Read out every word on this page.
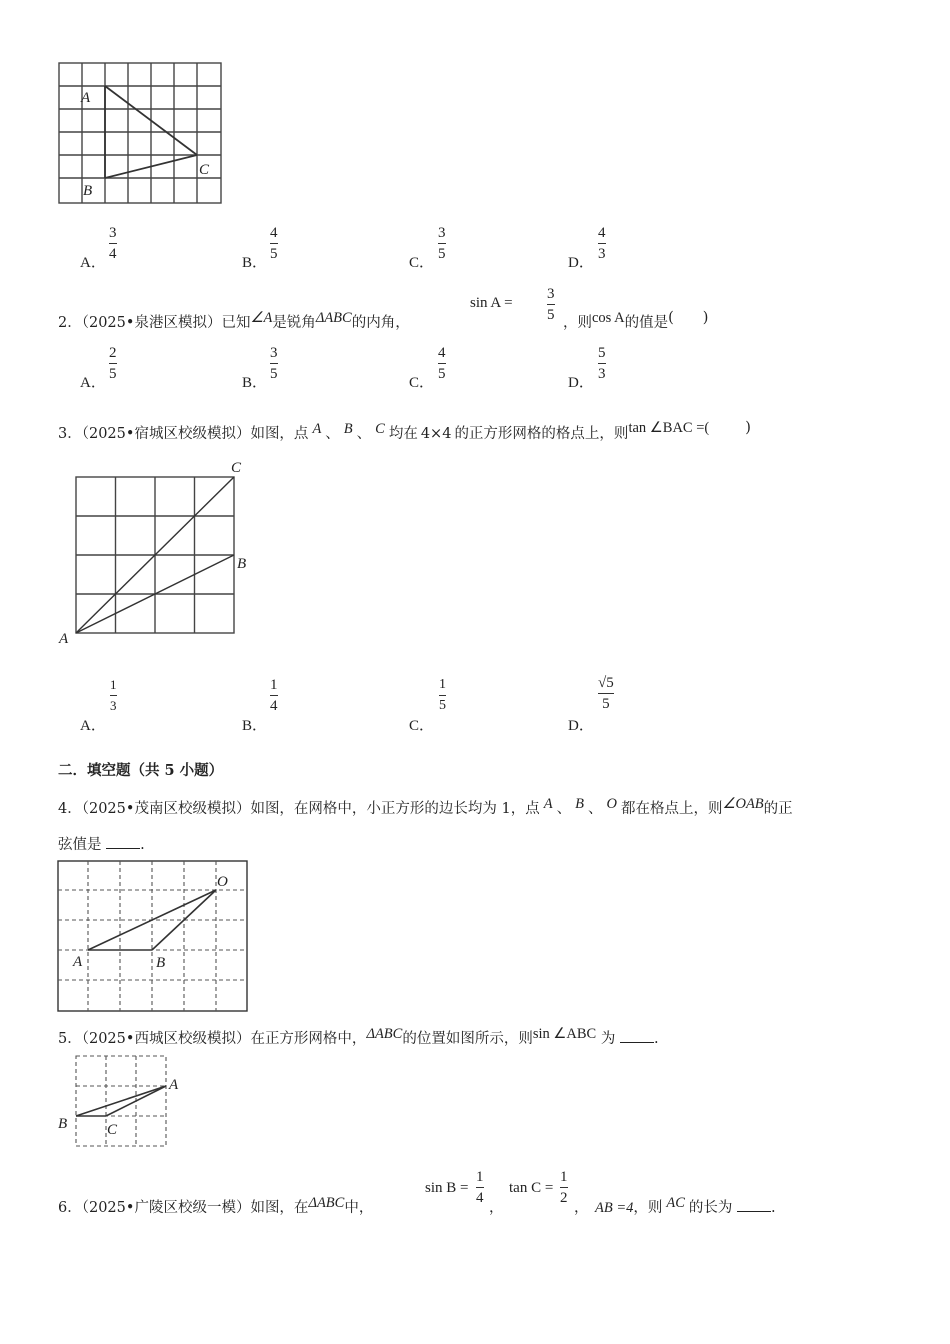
A
B
C
A．
3
4
B．
4
5
C．
3
5
D．
4
3
2．（2025•泉港区模拟）已知∠A是锐角ΔABC的内角，
sin A =
3
5 ，则cos A的值是(　　)
A．
2
5
B．
3
5
C．
4
5
D．
5
3
3．（2025•宿城区校级模拟）如图，点 A 、 B 、 C 均在 4×4 的正方形网格的格点上，则tan ∠BAC =( )
A
B
C
A．
1
3
B．
1
4
C．
1
5
D．
√5
5
二．填空题（共 5 小题）
4．（2025•茂南区校级模拟）如图，在网格中，小正方形的边长均为 1，点 A 、 B 、 O 都在格点上，则∠OAB的正
弦值是	.
O
A	B
5．（2025•西城区校级模拟）在正方形网格中，ΔABC的位置如图所示，则sin ∠ABC 为	.
A
B	C
6．（2025•广陵区校级一模）如图，在ΔABC中，
sin B =
1
4
，
tan C =
1
2
， AB =4，则 AC 的长为	.
